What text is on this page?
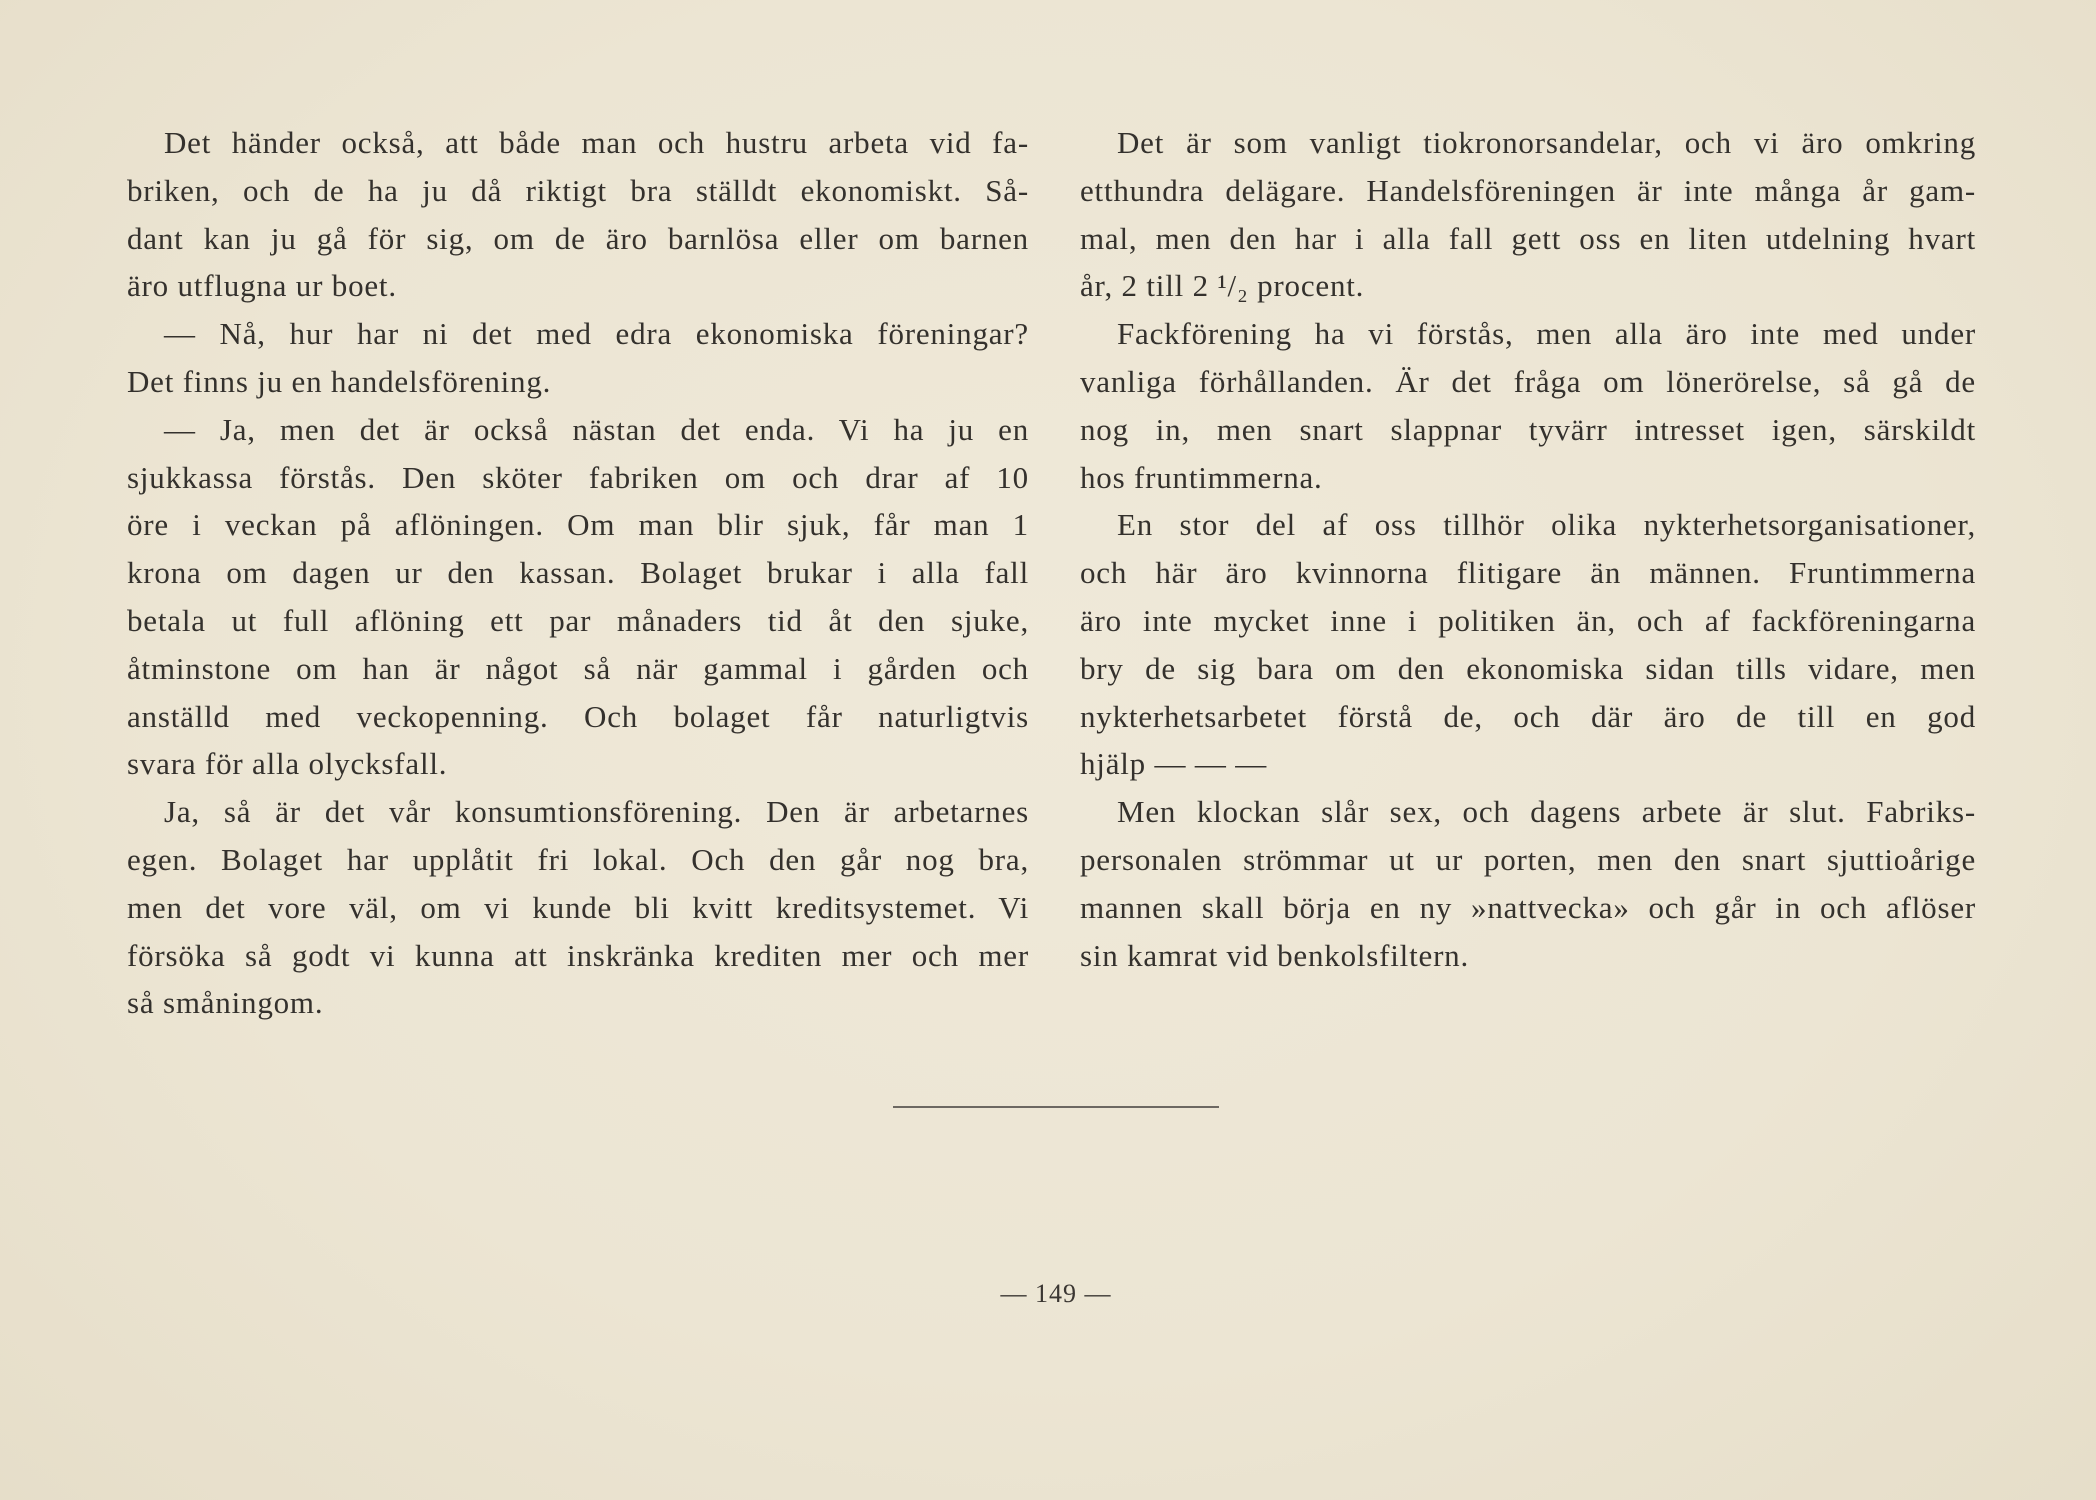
Det händer också, att både man och hustru arbeta vid fa-
briken, och de ha ju då riktigt bra ställdt ekonomiskt. Så-
dant kan ju gå för sig, om de äro barnlösa eller om barnen
äro utflugna ur boet.
— Nå, hur har ni det med edra ekonomiska föreningar?
Det finns ju en handelsförening.
— Ja, men det är också nästan det enda. Vi ha ju en
sjukkassa förstås. Den sköter fabriken om och drar af 10
öre i veckan på aflöningen. Om man blir sjuk, får man 1
krona om dagen ur den kassan. Bolaget brukar i alla fall
betala ut full aflöning ett par månaders tid åt den sjuke,
åtminstone om han är något så när gammal i gården och
anställd med veckopenning. Och bolaget får naturligtvis
svara för alla olycksfall.
Ja, så är det vår konsumtionsförening. Den är arbetarnes
egen. Bolaget har upplåtit fri lokal. Och den går nog bra,
men det vore väl, om vi kunde bli kvitt kreditsystemet. Vi
försöka så godt vi kunna att inskränka krediten mer och mer
så småningom.
Det är som vanligt tiokronorsandelar, och vi äro omkring
etthundra delägare. Handelsföreningen är inte många år gam-
mal, men den har i alla fall gett oss en liten utdelning hvart
år, 2 till 2 ¹/₂ procent.
Fackförening ha vi förstås, men alla äro inte med under
vanliga förhållanden. Är det fråga om lönerörelse, så gå de
nog in, men snart slappnar tyvärr intresset igen, särskildt
hos fruntimmerna.
En stor del af oss tillhör olika nykterhetsorganisationer,
och här äro kvinnorna flitigare än männen. Fruntimmerna
äro inte mycket inne i politiken än, och af fackföreningarna
bry de sig bara om den ekonomiska sidan tills vidare, men
nykterhetsarbetet förstå de, och där äro de till en god
hjälp — — —
Men klockan slår sex, och dagens arbete är slut. Fabriks-
personalen strömmar ut ur porten, men den snart sjuttioårige
mannen skall börja en ny »nattvecka» och går in och aflöser
sin kamrat vid benkolsfiltern.
— 149 —
